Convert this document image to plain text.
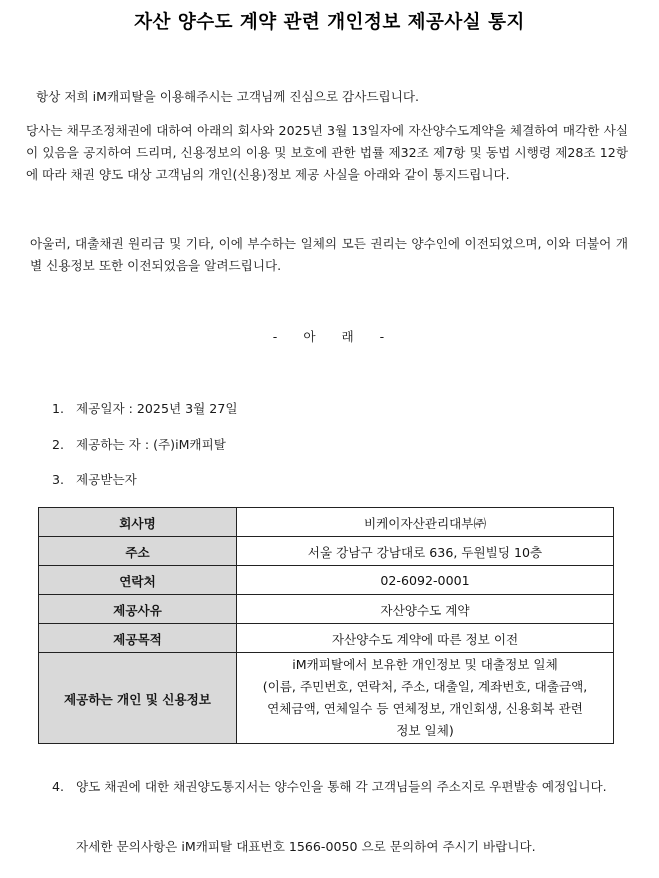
자산 양수도 계약 관련 개인정보 제공사실 통지
항상 저희 iM캐피탈을 이용해주시는 고객님께 진심으로 감사드립니다.
당사는 채무조정채권에 대하여 아래의 회사와 2025년 3월 13일자에 자산양수도계약을 체결하여 매각한 사실이 있음을 공지하여 드리며, 신용정보의 이용 및 보호에 관한 법률 제32조 제7항 및 동법 시행령 제28조 12항에 따라 채권 양도 대상 고객님의 개인(신용)정보 제공 사실을 아래와 같이 통지드립니다.
아울러, 대출채권 원리금 및 기타, 이에 부수하는 일체의 모든 권리는 양수인에 이전되었으며, 이와 더불어 개별 신용정보 또한 이전되었음을 알려드립니다.
- 아 래 -
1. 제공일자 : 2025년 3월 27일
2. 제공하는 자 : (주)iM캐피탈
3. 제공받는자
회사명	비케이자산관리대부㈜
주소	서울 강남구 강남대로 636, 두원빌딩 10층
연락처	02-6092-0001
제공사유	자산양수도 계약
제공목적	자산양수도 계약에 따른 정보 이전
제공하는 개인 및 신용정보	iM캐피탈에서 보유한 개인정보 및 대출정보 일체
(이름, 주민번호, 연락처, 주소, 대출일, 계좌번호, 대출금액,
연체금액, 연체일수 등 연체정보, 개인회생, 신용회복 관련
정보 일체)
4. 양도 채권에 대한 채권양도통지서는 양수인을 통해 각 고객님들의 주소지로 우편발송 예정입니다.
자세한 문의사항은 iM캐피탈 대표번호 1566-0050 으로 문의하여 주시기 바랍니다.
